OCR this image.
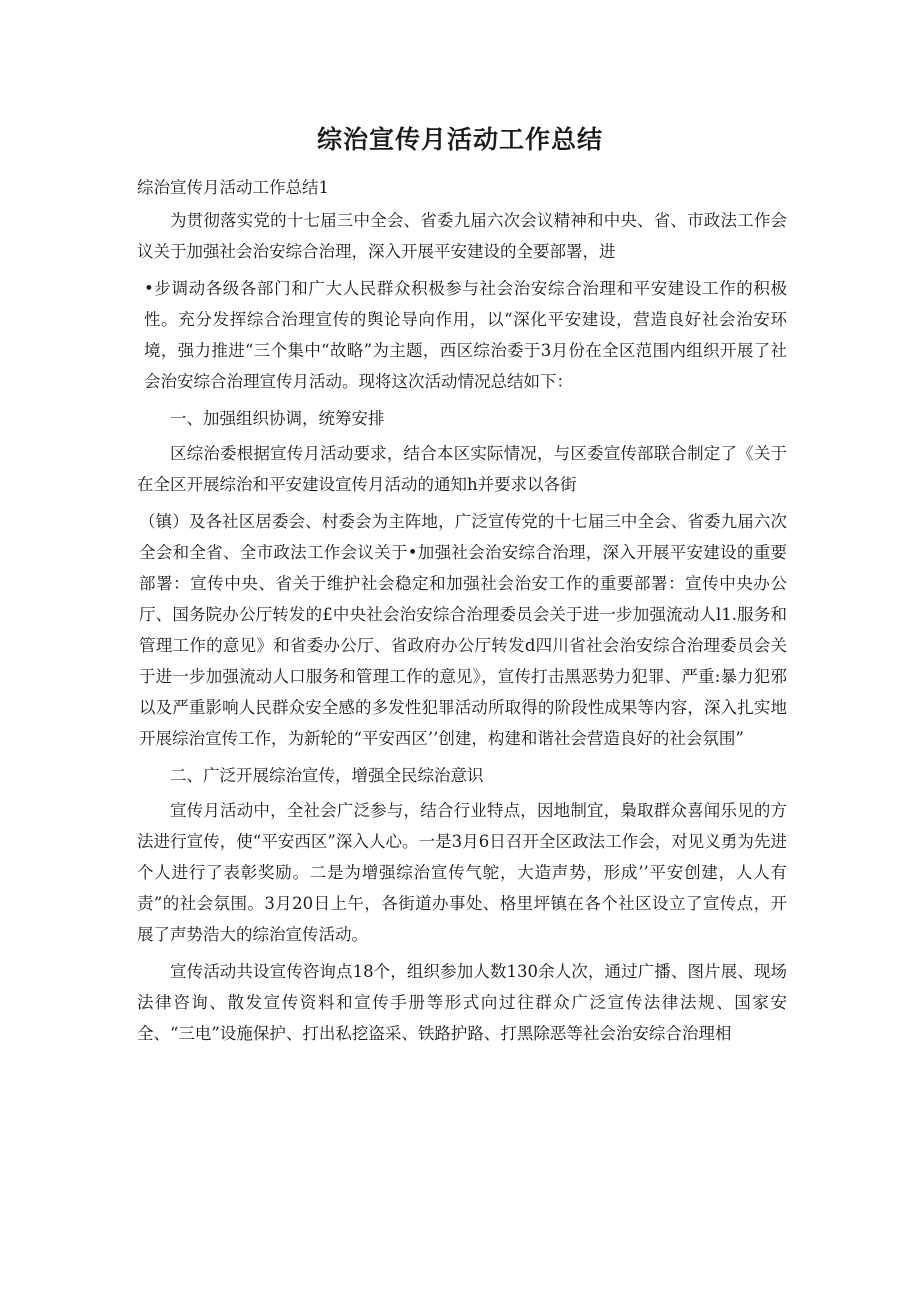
综治宣传月活动工作总结

综治宣传月活动工作总结1

为贯彻落实党的十七届三中全会、省委九届六次会议精神和中央、省、市政法工作会议关于加强社会治安综合治理，深入开展平安建设的全要部署，进

•步调动各级各部门和广大人民群众积极参与社会治安综合治理和平安建设工作的积极性。充分发挥综合治理宣传的舆论导向作用，以“深化平安建设，营造良好社会治安环境，强力推进“三个集中“故略”为主题，西区综治委于3月份在全区范围内组织开展了社会治安综合治理宣传月活动。现将这次活动情况总结如下：

一、加强组织协调，统筹安排

区综治委根据宣传月活动要求，结合本区实际情况，与区委宣传部联合制定了《关于在全区开展综治和平安建设宣传月活动的通知h并要求以各街

（镇）及各社区居委会、村委会为主阵地，广泛宣传党的十七届三中全会、省委九届六次全会和全省、全市政法工作会议关于•加强社会治安综合治理，深入开展平安建设的重要部署：宣传中央、省关于维护社会稳定和加强社会治安工作的重要部署：宣传中央办公厅、国务院办公厅转发的£中央社会治安综合治理委员会关于进一步加强流动人l1.服务和管理工作的意见》和省委办公厅、省政府办公厅转发d四川省社会治安综合治理委员会关于进一步加强流动人口服务和管理工作的意见》，宣传打击黑恶势力犯罪、严重:暴力犯邪以及严重影响人民群众安全感的多发性犯罪活动所取得的阶段性成果等内容，深入扎实地开展综治宣传工作，为新轮的“平安西区’’创建，构建和谐社会营造良好的社会氛围”

二、广泛开展综治宣传，增强全民综治意识

宣传月活动中，全社会广泛参与，结合行业特点，因地制宜，梟取群众喜闻乐见的方法进行宣传，使“平安西区”深入人心。一是3月6日召开全区政法工作会，对见义勇为先进个人进行了表彰奖励。二是为增强综治宣传气鸵，大造声势，形成’’平安创建，人人有责”的社会氛围。3月20日上午，各街道办事处、格里坪镇在各个社区设立了宣传点，开展了声势浩大的综治宣传活动。

宣传活动共设宣传咨询点18个，组织参加人数130余人次，通过广播、图片展、现场法律咨询、散发宣传资料和宣传手册等形式向过往群众广泛宣传法律法规、国家安全、“三电”设施保护、打出私挖盗采、铁路护路、打黑除恶等社会治安综合治理相
